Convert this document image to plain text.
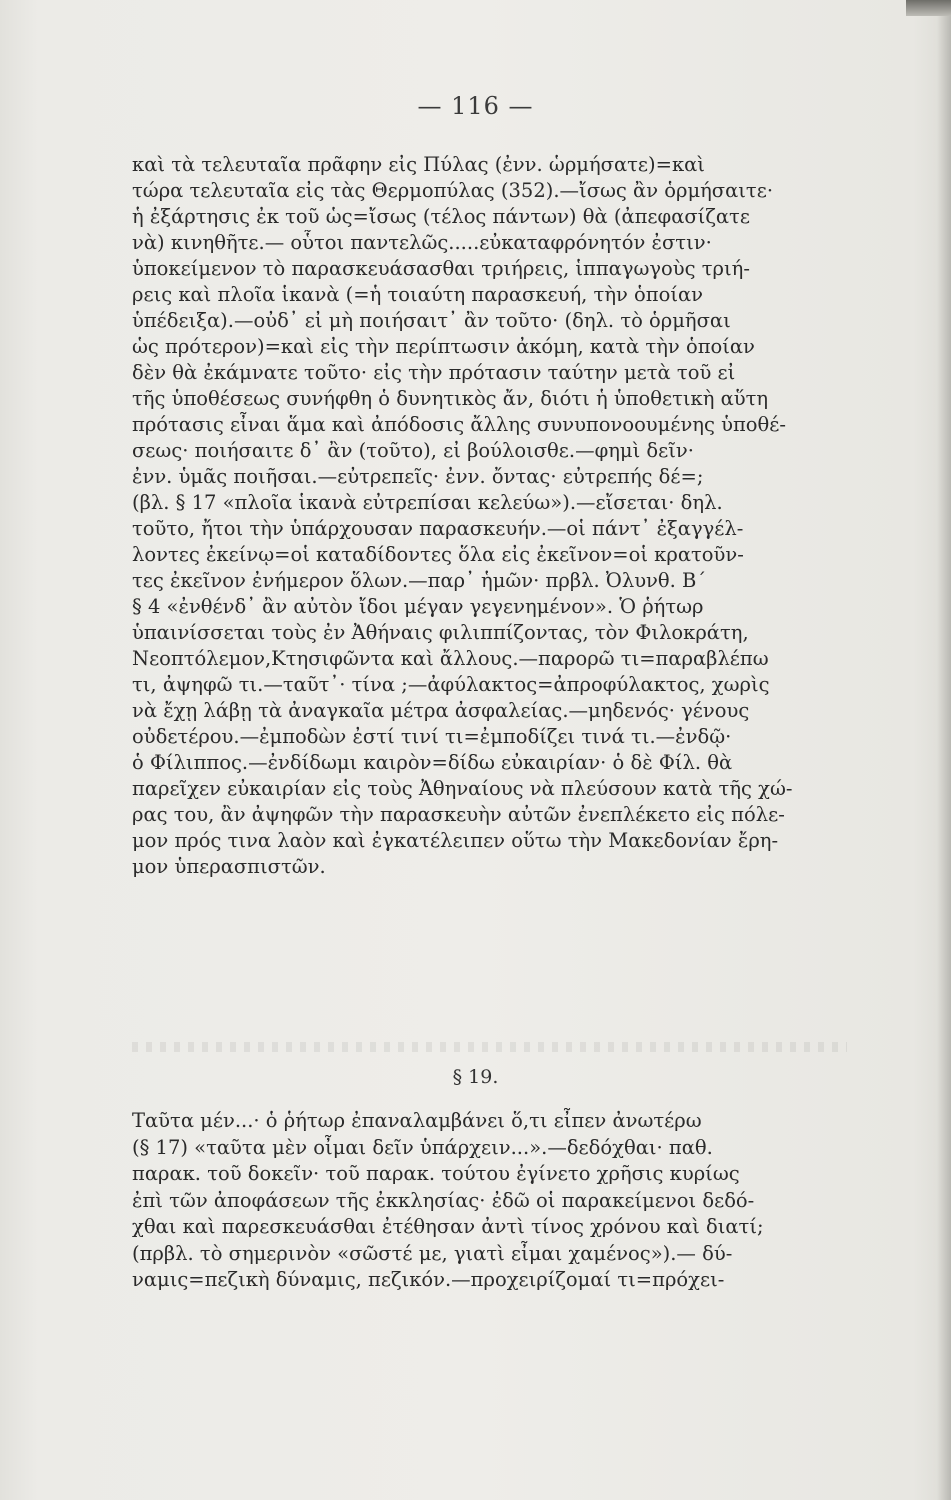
— 116 —
καὶ τὰ τελευταῖα πρᾶφην εἰς Πύλας (ἐνν. ὡρμήσατε)=καὶ
τώρα τελευταῖα εἰς τὰς Θερμοπύλας (352).—ἴσως ἂν ὁρμήσαιτε·
ἡ ἐξάρτησις ἐκ τοῦ ὡς=ἴσως (τέλος πάντων) θὰ (ἀπεφασίζατε
νὰ) κινηθῆτε.— οὗτοι παντελῶς.....εὐκαταφρόνητόν ἐστιν·
ὑποκείμενον τὸ παρασκευάσασθαι τριήρεις, ἱππαγωγοὺς τριή-
ρεις καὶ πλοῖα ἱκανὰ (=ἡ τοιαύτη παρασκευή, τὴν ὁποίαν
ὑπέδειξα).—οὐδ᾽ εἰ μὴ ποιήσαιτ᾽ ἂν τοῦτο· (δηλ. τὸ ὁρμῆσαι
ὡς πρότερον)=καὶ εἰς τὴν περίπτωσιν ἀκόμη, κατὰ τὴν ὁποίαν
δὲν θὰ ἐκάμνατε τοῦτο· εἰς τὴν πρότασιν ταύτην μετὰ τοῦ εἰ
τῆς ὑποθέσεως συνήφθη ὁ δυνητικὸς ἄν, διότι ἡ ὑποθετικὴ αὕτη
πρότασις εἶναι ἅμα καὶ ἀπόδοσις ἄλλης συνυπονοουμένης ὑποθέ-
σεως· ποιήσαιτε δ᾽ ἂν (τοῦτο), εἰ βούλοισθε.—φημὶ δεῖν·
ἐνν. ὑμᾶς ποιῆσαι.—εὐτρεπεῖς· ἐνν. ὄντας· εὐτρεπής δέ=;
(βλ. § 17 «πλοῖα ἱκανὰ εὐτρεπίσαι κελεύω»).—εἴσεται· δηλ.
τοῦτο, ἤτοι τὴν ὑπάρχουσαν παρασκευήν.—οἱ πάντ᾽ ἐξαγγέλ-
λοντες ἐκείνῳ=οἱ καταδίδοντες ὅλα εἰς ἐκεῖνον=οἱ κρατοῦν-
τες ἐκεῖνον ἐνήμερον ὅλων.—παρ᾽ ἡμῶν· πρβλ. Ὀλυνθ. Β´
§ 4 «ἐνθένδ᾽ ἂν αὐτὸν ἴδοι μέγαν γεγενημένον». Ὁ ῥήτωρ
ὑπαινίσσεται τοὺς ἐν Ἀθήναις φιλιππίζοντας, τὸν Φιλοκράτη,
Νεοπτόλεμον,Κτησιφῶντα καὶ ἄλλους.—παρορῶ τι=παραβλέπω
τι, ἀψηφῶ τι.—ταῦτ᾽· τίνα ;—ἀφύλακτος=ἀπροφύλακτος, χωρὶς
νὰ ἔχῃ λάβῃ τὰ ἀναγκαῖα μέτρα ἀσφαλείας.—μηδενός· γένους
οὐδετέρου.—ἐμποδὼν ἐστί τινί τι=ἐμποδίζει τινά τι.—ἐνδῷ·
ὁ Φίλιππος.—ἐνδίδωμι καιρὸν=δίδω εὐκαιρίαν· ὁ δὲ Φίλ. θὰ
παρεῖχεν εὐκαιρίαν εἰς τοὺς Ἀθηναίους νὰ πλεύσουν κατὰ τῆς χώ-
ρας του, ἂν ἀψηφῶν τὴν παρασκευὴν αὐτῶν ἐνεπλέκετο εἰς πόλε-
μον πρός τινα λαὸν καὶ ἐγκατέλειπεν οὕτω τὴν Μακεδονίαν ἔρη-
μον ὑπερασπιστῶν.
§ 19.
Ταῦτα μέν...· ὁ ῥήτωρ ἐπαναλαμβάνει ὅ,τι εἶπεν ἀνωτέρω
(§ 17) «ταῦτα μὲν οἶμαι δεῖν ὑπάρχειν...».—δεδόχθαι· παθ.
παρακ. τοῦ δοκεῖν· τοῦ παρακ. τούτου ἐγίνετο χρῆσις κυρίως
ἐπὶ τῶν ἀποφάσεων τῆς ἐκκλησίας· ἐδῶ οἱ παρακείμενοι δεδό-
χθαι καὶ παρεσκευάσθαι ἐτέθησαν ἀντὶ τίνος χρόνου καὶ διατί;
(πρβλ. τὸ σημερινὸν «σῶστέ με, γιατὶ εἶμαι χαμένος»).— δύ-
ναμις=πεζικὴ δύναμις, πεζικόν.—προχειρίζομαί τι=πρόχει-
